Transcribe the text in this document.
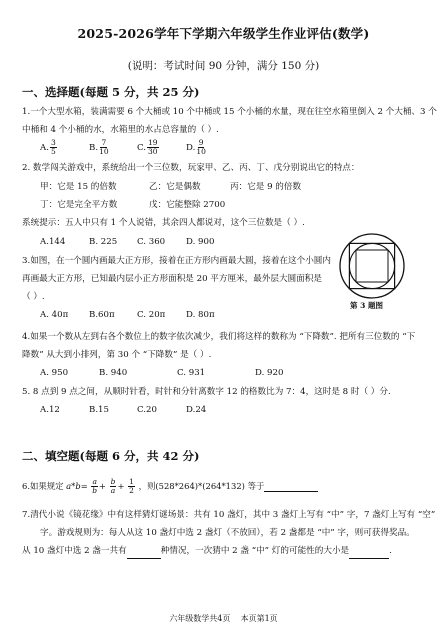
2025-2026学年下学期六年级学生作业评估(数学)
(说明：考试时间 90 分钟，满分 150 分)
一、选择题(每题 5 分，共 25 分)
1.一个大型水箱，装满需要 6 个大桶或 10 个中桶或 15 个小桶的水量，现在往空水箱里倒入 2 个大桶、3 个
中桶和 4 个小桶的水，水箱里的水占总容量的（ ）.
A. $\frac{3}{5}$	B. $\frac{7}{10}$	C. $\frac{19}{30}$	D. $\frac{9}{10}$
2. 数学闯关游戏中，系统给出一个三位数，玩家甲、乙、丙、丁、戊分别说出它的特点：
甲：它是 15 的倍数	乙：它是偶数	丙：它是 9 的倍数
丁：它是完全平方数	戊：它能整除 2700
系统提示：五人中只有 1 个人说错，其余四人都说对，这个三位数是（ ）.
A.144	B. 225 C. 360 D. 900
3.如图，在一个圆内画最大正方形，接着在正方形内画最大圆，接着在这个小圆内
再画最大正方形，已知最内层小正方形面积是 20 平方厘米，最外层大圆面积是
（ ）.
A. 40π B.60π	C. 20π D. 80π
第 3 题图
4.如果一个数从左到右各个数位上的数字依次减少，我们将这样的数称为 “下降数”. 把所有三位数的 “下
降数” 从大到小排列，第 30 个 “下降数” 是（ ）.
A. 950	B. 940	C. 931	D. 920
5. 8 点到 9 点之间，从顺时针看，时针和分针离数字 12 的格数比为 7：4，这时是 8 时（ ）分.
A.12	B.15	C.20	D.24
二、填空题(每题 6 分，共 42 分)
6.如果规定 $a*b= \frac{a}{b} + \frac{b}{a} + \frac{1}{2}$ ，则(528*264)*(264*132) 等于
7.清代小说《镜花缘》中有这样猜灯谜场景：共有 10 盏灯，其中 3 盏灯上写有 “中” 字，7 盏灯上写有 “空”
字。游戏规则为：每人从这 10 盏灯中选 2 盏灯（不放回），若 2 盏都是 “中” 字，则可获得奖品。
从 10 盏灯中选 2 盏一共有	种情况，一次猜中 2 盏 “中” 灯的可能性的大小是	.
六年级数学共4页 本页第1页
